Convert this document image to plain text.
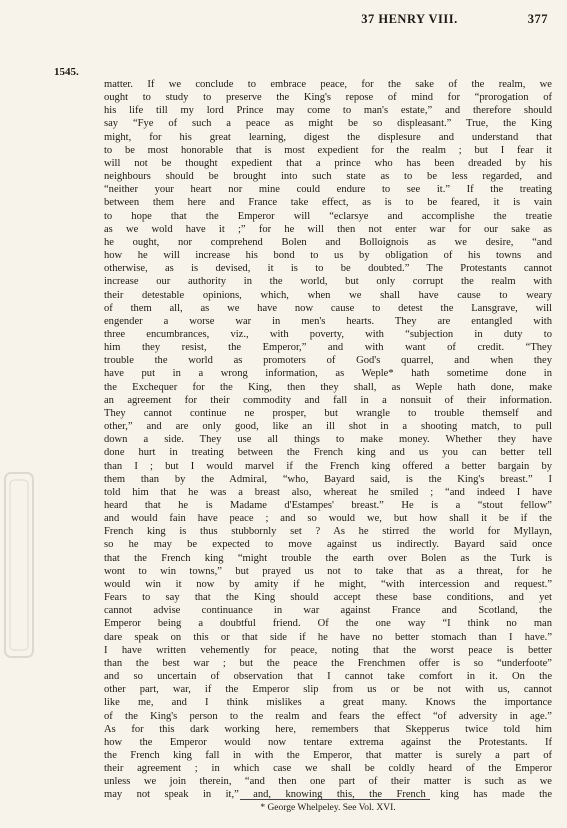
37 HENRY VIII.	377
1545.
matter. If we conclude to embrace peace, for the sake of the realm, we
ought to study to preserve the King's repose of mind for “prorogation of
his life till my lord Prince may come to man's estate,” and therefore should
say “Fye of such a peace as might be so displeasant.” True, the King
might, for his great learning, digest the displesure and understand that
to be most honorable that is most expedient for the realm ; but I fear it
will not be thought expedient that a prince who has been dreaded by his
neighbours should be brought into such state as to be less regarded, and
“neither your heart nor mine could endure to see it.” If the treating
between them here and France take effect, as is to be feared, it is vain
to hope that the Emperor will “eclarsye and accomplishe the treatie
as we wold have it ;” for he will then not enter war for our sake as
he ought, nor comprehend Bolen and Bolloignois as we desire, “and
how he will increase his bond to us by obligation of his towns and
otherwise, as is devised, it is to be doubted.” The Protestants cannot
increase our authority in the world, but only corrupt the realm with
their detestable opinions, which, when we shall have cause to weary
of them all, as we have now cause to detest the Lansgrave, will
engender a worse war in men's hearts. They are entangled with
three encumbrances, viz., with poverty, with “subjection in duty to
him they resist, the Emperor,” and with want of credit. “They
trouble the world as promoters of God's quarrel, and when they
have put in a wrong information, as Weple* hath sometime done in
the Exchequer for the King, then they shall, as Weple hath done, make
an agreement for their commodity and fall in a nonsuit of their information.
They cannot continue ne prosper, but wrangle to trouble themself and
other,” and are only good, like an ill shot in a shooting match, to pull
down a side. They use all things to make money. Whether they have
done hurt in treating between the French king and us you can better tell
than I ; but I would marvel if the French king offered a better bargain by
them than by the Admiral, “who, Bayard said, is the King's breast.” I
told him that he was a breast also, whereat he smiled ; “and indeed I have
heard that he is Madame d'Estampes' breast.” He is a “stout fellow”
and would fain have peace ; and so would we, but how shall it be if the
French king is thus stubbornly set ? As he stirred the world for Myllayn,
so he may be expected to move against us indirectly. Bayard said once
that the French king “might trouble the earth over Bolen as the Turk is
wont to win towns,” but prayed us not to take that as a threat, for he
would win it now by amity if he might, “with intercession and request.”
Fears to say that the King should accept these base conditions, and yet
cannot advise continuance in war against France and Scotland, the
Emperor being a doubtful friend. Of the one way “I think no man
dare speak on this or that side if he have no better stomach than I have.”
I have written vehemently for peace, noting that the worst peace is better
than the best war ; but the peace the Frenchmen offer is so “underfoote”
and so uncertain of observation that I cannot take comfort in it. On the
other part, war, if the Emperor slip from us or be not with us, cannot
like me, and I think mislikes a great many. Knows the importance
of the King's person to the realm and fears the effect “of adversity in age.”
As for this dark working here, remembers that Skepperus twice told him
how the Emperor would now tentare extrema against the Protestants. If
the French king fall in with the Emperor, that matter is surely a part of
their agreement ; in which case we shall be coldly heard of the Emperor
unless we join therein, “and then one part of their matter is such as we
may not speak in it,” and, knowing this, the French king has made the
* George Whelpeley. See Vol. XVI.
